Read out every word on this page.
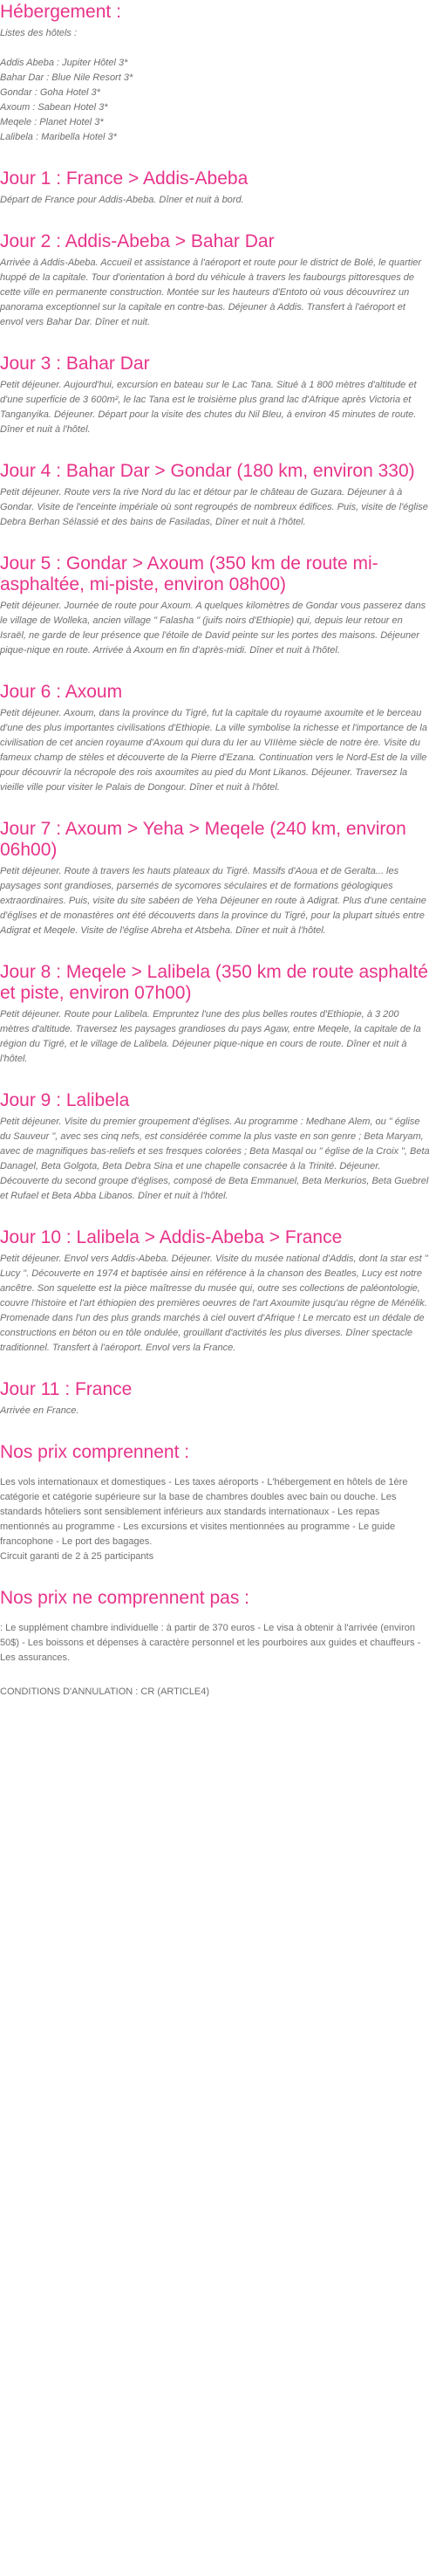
Hébergement :

Listes des hôtels :

Addis Abeba : Jupiter Hôtel 3*
Bahar Dar : Blue Nile Resort 3*
Gondar : Goha Hotel 3*
Axoum : Sabean Hotel 3*
Meqele : Planet Hotel 3*
Lalibela : Maribella Hotel 3*

Jour 1 : France > Addis-Abeba

Départ de France pour Addis-Abeba. Dîner et nuit à bord.

Jour 2 : Addis-Abeba > Bahar Dar

Arrivée à Addis-Abeba. Accueil et assistance à l'aéroport et route pour le district de Bolé, le quartier huppé de la capitale. Tour d'orientation à bord du véhicule à travers les faubourgs pittoresques de cette ville en permanente construction. Montée sur les hauteurs d'Entoto où vous découvrirez un panorama exceptionnel sur la capitale en contre-bas. Déjeuner à Addis. Transfert à l'aéroport et envol vers Bahar Dar. Dîner et nuit.

Jour 3 : Bahar Dar

Petit déjeuner. Aujourd'hui, excursion en bateau sur le Lac Tana. Situé à 1 800 mètres d'altitude et d'une superficie de 3 600m², le lac Tana est le troisième plus grand lac d'Afrique après Victoria et Tanganyika. Déjeuner. Départ pour la visite des chutes du Nil Bleu, à environ 45 minutes de route. Dîner et nuit à l'hôtel.

Jour 4 : Bahar Dar > Gondar (180 km, environ 330)

Petit déjeuner. Route vers la rive Nord du lac et détour par le château de Guzara. Déjeuner à à Gondar. Visite de l'enceinte impériale où sont regroupés de nombreux édifices. Puis, visite de l'église Debra Berhan Sélassié et des bains de Fasiladas, Dîner et nuit à l'hôtel.

Jour 5 : Gondar > Axoum (350 km de route mi-asphaltée, mi-piste, environ 08h00)

Petit déjeuner. Journée de route pour Axoum. A quelques kilomètres de Gondar vous passerez dans le village de Wolleka, ancien village " Falasha " (juifs noirs d'Ethiopie) qui, depuis leur retour en Israël, ne garde de leur présence que l'étoile de David peinte sur les portes des maisons. Déjeuner pique-nique en route. Arrivée à Axoum en fin d'après-midi. Dîner et nuit à l'hôtel.

Jour 6 : Axoum

Petit déjeuner. Axoum, dans la province du Tigré, fut la capitale du royaume axoumite et le berceau d'une des plus importantes civilisations d'Ethiopie. La ville symbolise la richesse et l'importance de la civilisation de cet ancien royaume d'Axoum qui dura du Ier au VIIIème siècle de notre ère. Visite du fameux champ de stèles et découverte de la Pierre d'Ezana. Continuation vers le Nord-Est de la ville pour découvrir la nécropole des rois axoumites au pied du Mont Likanos. Déjeuner. Traversez la vieille ville pour visiter le Palais de Dongour. Dîner et nuit à l'hôtel.

Jour 7 : Axoum > Yeha > Meqele (240 km, environ 06h00)

Petit déjeuner. Route à travers les hauts plateaux du Tigré. Massifs d'Aoua et de Geralta... les paysages sont grandioses, parsemés de sycomores séculaires et de formations géologiques extraordinaires. Puis, visite du site sabéen de Yeha Déjeuner en route à Adigrat. Plus d'une centaine d'églises et de monastères ont été découverts dans la province du Tigré, pour la plupart situés entre Adigrat et Meqele. Visite de l'église Abreha et Atsbeha. Dîner et nuit à l'hôtel.

Jour 8 : Meqele > Lalibela (350 km de route asphalté et piste, environ 07h00)

Petit déjeuner. Route pour Lalibela. Empruntez l'une des plus belles routes d'Ethiopie, à 3 200 mètres d'altitude. Traversez les paysages grandioses du pays Agaw, entre Meqele, la capitale de la région du Tigré, et le village de Lalibela. Déjeuner pique-nique en cours de route. Dîner et nuit à l'hôtel.

Jour 9 : Lalibela

Petit déjeuner. Visite du premier groupement d'églises. Au programme : Medhane Alem, ou " église du Sauveur ", avec ses cinq nefs, est considérée comme la plus vaste en son genre ; Beta Maryam, avec de magnifiques bas-reliefs et ses fresques colorées ; Beta Masqal ou " église de la Croix ", Beta Danagel, Beta Golgota, Beta Debra Sina et une chapelle consacrée à la Trinité. Déjeuner. Découverte du second groupe d'églises, composé de Beta Emmanuel, Beta Merkurios, Beta Guebrel et Rufael et Beta Abba Libanos. Dîner et nuit à l'hôtel.

Jour 10 : Lalibela > Addis-Abeba > France

Petit déjeuner. Envol vers Addis-Abeba. Déjeuner. Visite du musée national d'Addis, dont la star est " Lucy ". Découverte en 1974 et baptisée ainsi en référence à la chanson des Beatles, Lucy est notre ancêtre. Son squelette est la pièce maîtresse du musée qui, outre ses collections de paléontologie, couvre l'histoire et l'art éthiopien des premières oeuvres de l'art Axoumite jusqu'au règne de Ménélik.
Promenade dans l'un des plus grands marchés à ciel ouvert d'Afrique ! Le mercato est un dédale de constructions en béton ou en tôle ondulée, grouillant d'activités les plus diverses. Dîner spectacle traditionnel. Transfert à l'aéroport. Envol vers la France.

Jour 11 : France

Arrivée en France.

Nos prix comprennent :

Les vols internationaux et domestiques - Les taxes aéroports - L'hébergement en hôtels de 1ère catégorie et catégorie supérieure sur la base de chambres doubles avec bain ou douche. Les standards hôteliers sont sensiblement inférieurs aux standards internationaux - Les repas mentionnés au programme - Les excursions et visites mentionnées au programme - Le guide francophone - Le port des bagages.
Circuit garanti de 2 à 25 participants

Nos prix ne comprennent pas :

: Le supplément chambre individuelle : à partir de 370 euros - Le visa à obtenir à l'arrivée (environ 50$) - Les boissons et dépenses à caractère personnel et les pourboires aux guides et chauffeurs - Les assurances.

CONDITIONS D'ANNULATION : CR (ARTICLE4)
